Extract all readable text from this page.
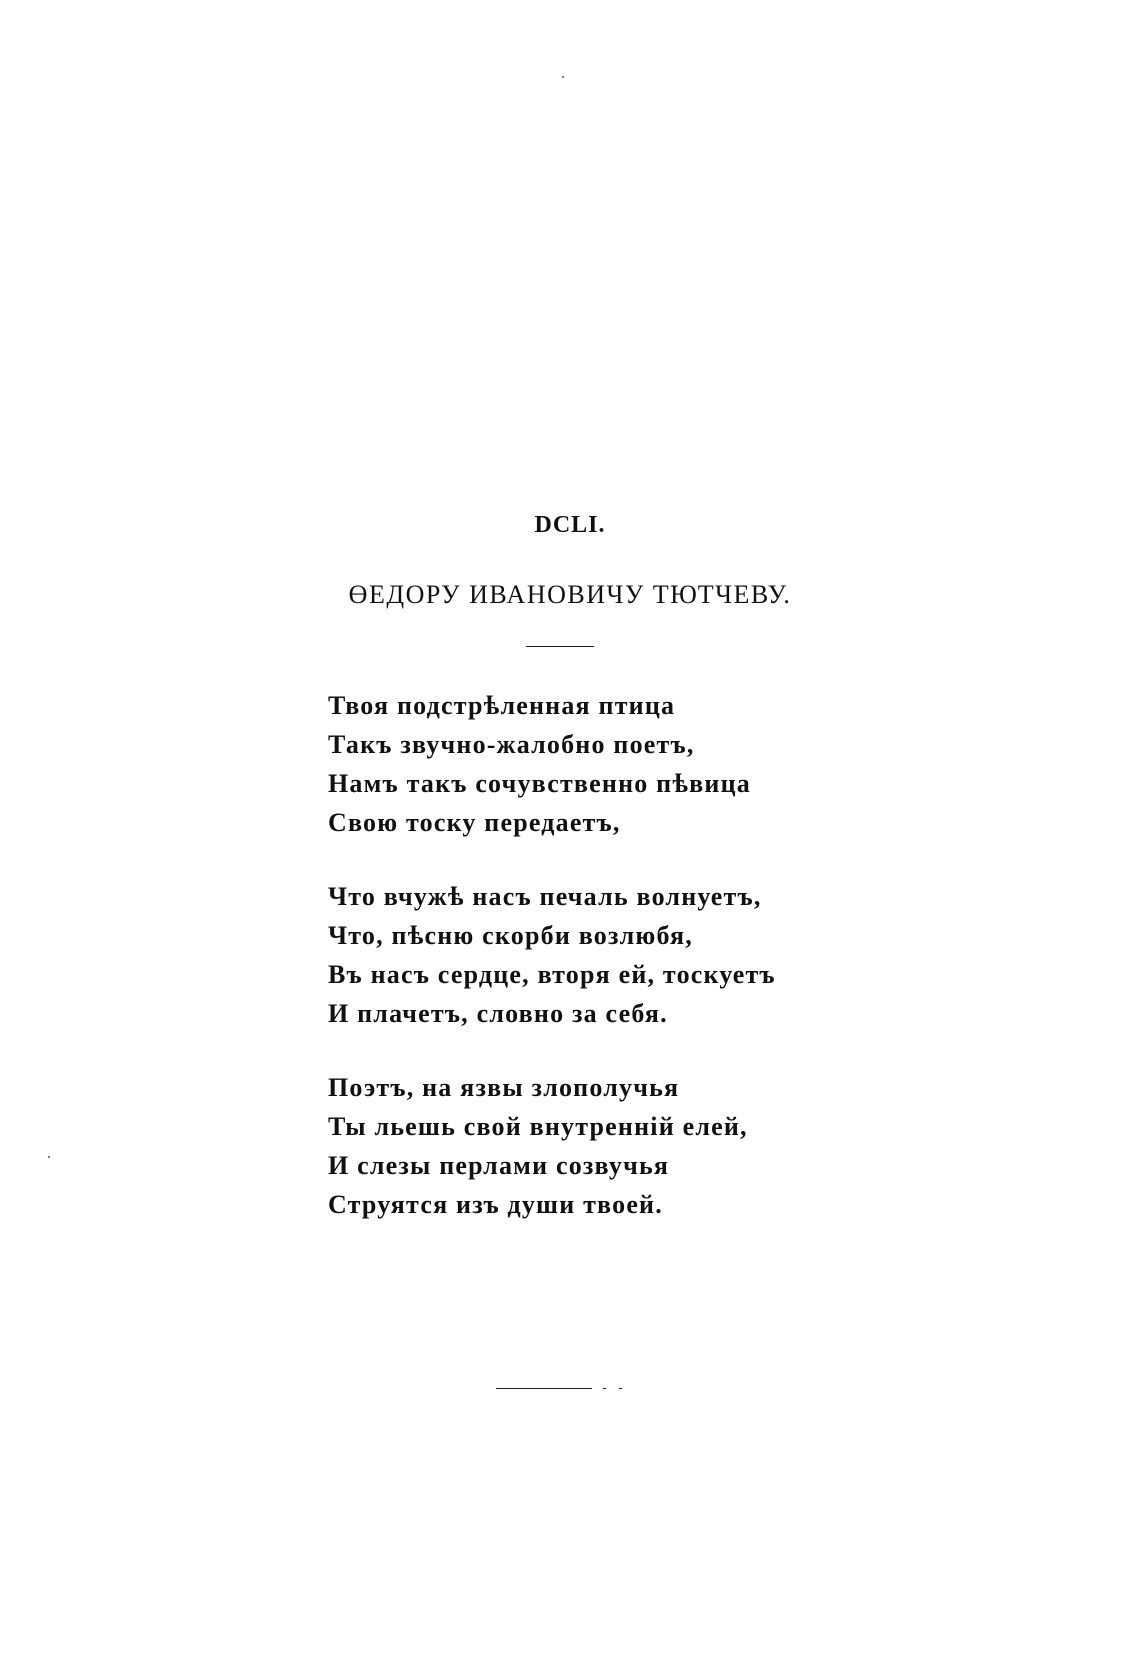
DCLI.
ӨЕДОРУ ИВАНОВИЧУ ТЮТЧЕВУ.
Твоя подстрѣленная птица
Такъ звучно-жалобно поетъ,
Намъ такъ сочувственно пѣвица
Свою тоску передаетъ,
Что вчужѣ насъ печаль волнуетъ,
Что, пѣсню скорби возлюбя,
Въ насъ сердце, вторя ей, тоскуетъ
И плачетъ, словно за себя.
Поэтъ, на язвы злополучья
Ты льешь свой внутренній елей,
И слезы перлами созвучья
Струятся изъ души твоей.
